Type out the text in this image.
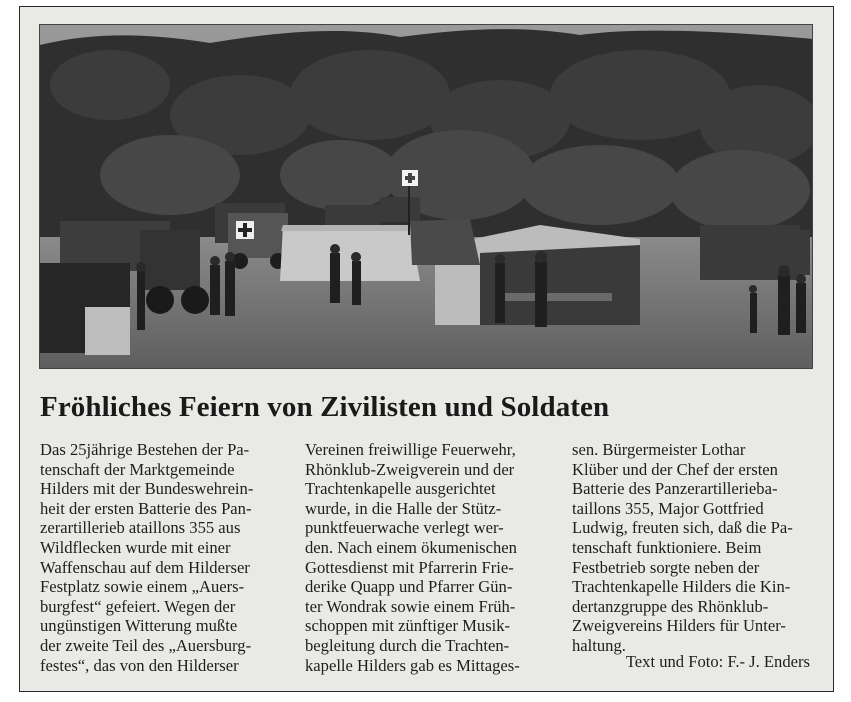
Fröhliches Feiern von Zivilisten und Soldaten
Das 25jährige Bestehen der Pa-
tenschaft der Marktgemeinde
Hilders mit der Bundeswehrein-
heit der ersten Batterie des Pan-
zerartillerieb ataillons 355 aus
Wildflecken wurde mit einer
Waffenschau auf dem Hilderser
Festplatz sowie einem „Auers-
burgfest“ gefeiert. Wegen der
ungünstigen Witterung mußte
der zweite Teil des „Auersburg-
festes“, das von den Hilderser
Vereinen freiwillige Feuerwehr,
Rhönklub-Zweigverein und der
Trachtenkapelle ausgerichtet
wurde, in die Halle der Stütz-
punktfeuerwache verlegt wer-
den. Nach einem ökumenischen
Gottesdienst mit Pfarrerin Frie-
derike Quapp und Pfarrer Gün-
ter Wondrak sowie einem Früh-
schoppen mit zünftiger Musik-
begleitung durch die Trachten-
kapelle Hilders gab es Mittages-
sen. Bürgermeister Lothar
Klüber und der Chef der ersten
Batterie des Panzerartilleriebа-
taillons 355, Major Gottfried
Ludwig, freuten sich, daß die Pa-
tenschaft funktioniere. Beim
Festbetrieb sorgte neben der
Trachtenkapelle Hilders die Kin-
dertanzgruppe des Rhönklub-
Zweigvereins Hilders für Unter-
haltung.
Text und Foto: F.- J. Enders
